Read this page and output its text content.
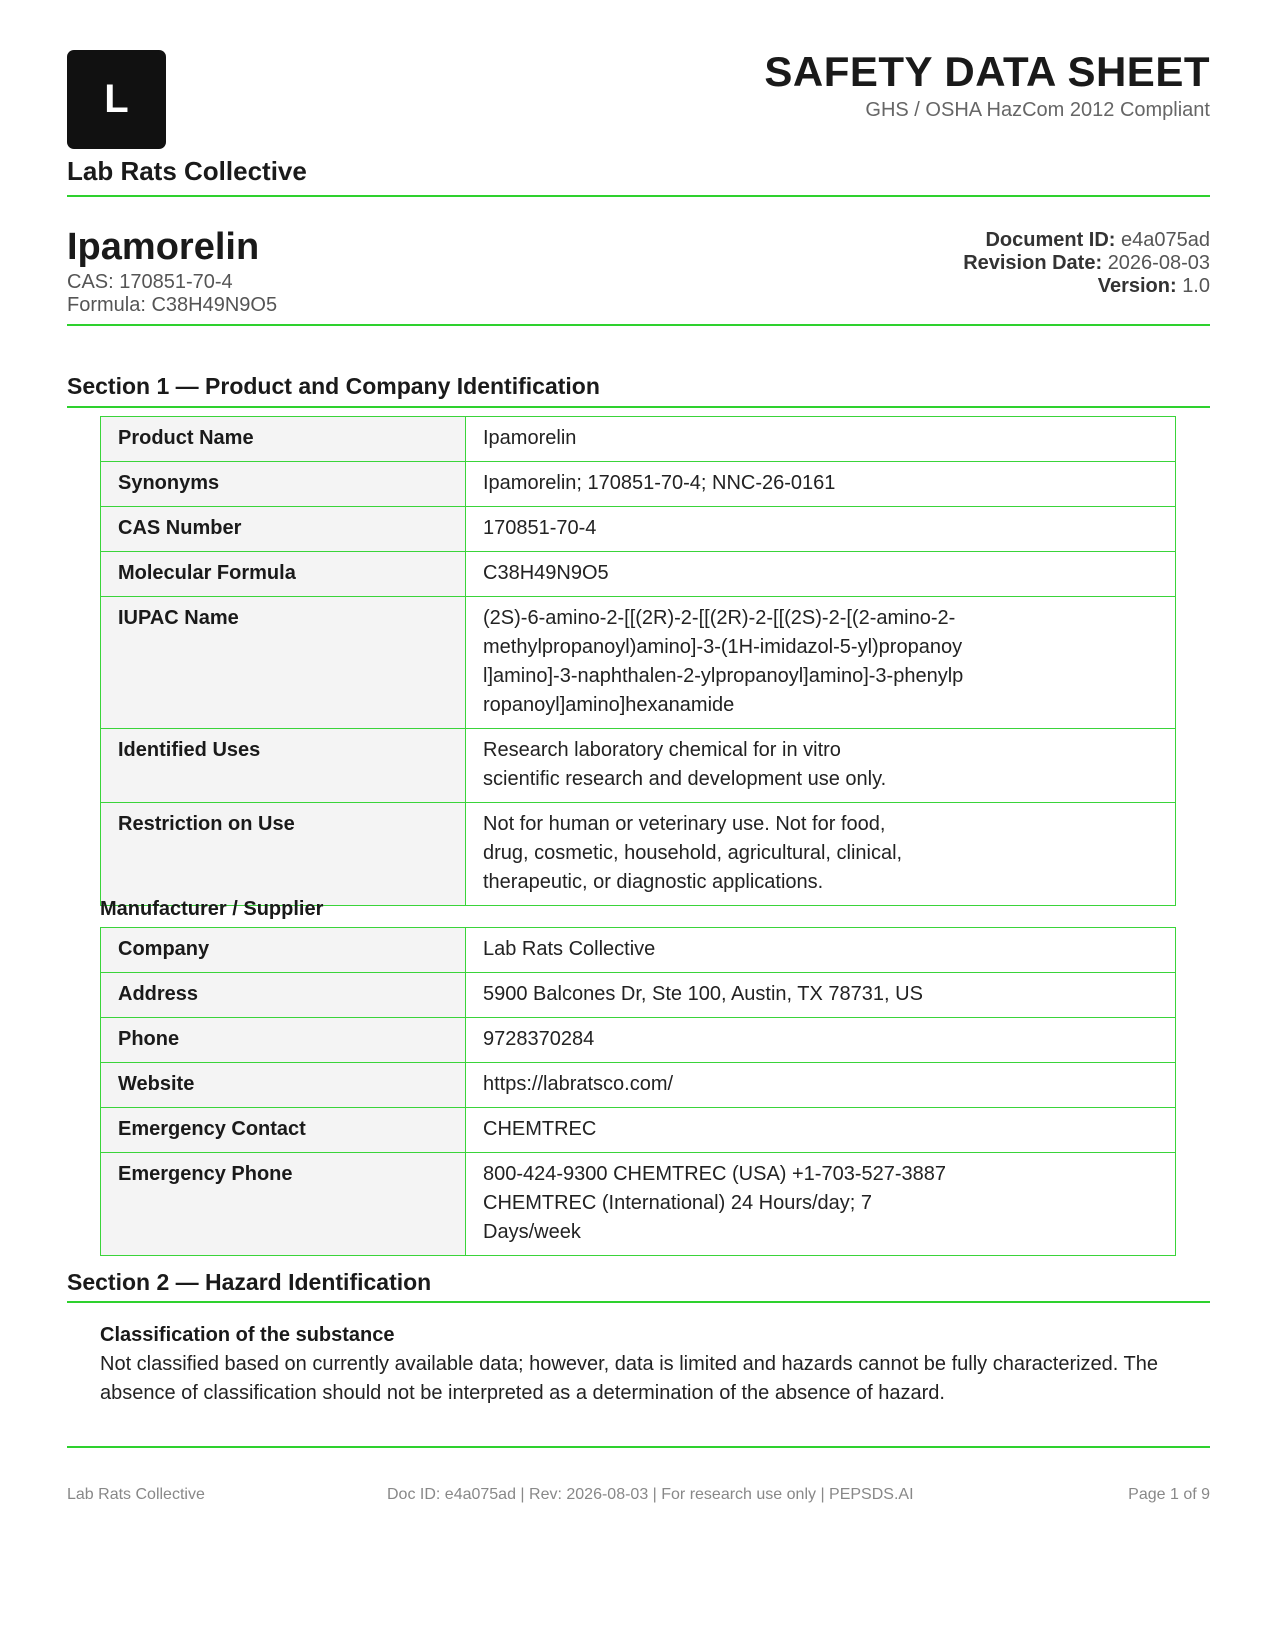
L
Lab Rats Collective
SAFETY DATA SHEET
GHS / OSHA HazCom 2012 Compliant
Ipamorelin
CAS: 170851-70-4
Formula: C38H49N9O5
Document ID: e4a075ad
Revision Date: 2026-08-03
Version: 1.0
Section 1 — Product and Company Identification
Product Name	Ipamorelin
Synonyms	Ipamorelin; 170851-70-4; NNC-26-0161
CAS Number	170851-70-4
Molecular Formula	C38H49N9O5
IUPAC Name	(2S)-6-amino-2-[[(2R)-2-[[(2R)-2-[[(2S)-2-[(2-amino-2-methylpropanoyl)amino]-3-(1H-imidazol-5-yl)propanoyl]amino]-3-naphthalen-2-ylpropanoyl]amino]-3-phenylpropanoyl]amino]hexanamide
Identified Uses	Research laboratory chemical for in vitro scientific research and development use only.
Restriction on Use	Not for human or veterinary use. Not for food, drug, cosmetic, household, agricultural, clinical, therapeutic, or diagnostic applications.
Manufacturer / Supplier
Company	Lab Rats Collective
Address	5900 Balcones Dr, Ste 100, Austin, TX 78731, US
Phone	9728370284
Website	https://labratsco.com/
Emergency Contact	CHEMTREC
Emergency Phone	800-424-9300 CHEMTREC (USA) +1-703-527-3887 CHEMTREC (International) 24 Hours/day; 7 Days/week
Section 2 — Hazard Identification
Classification of the substance
Not classified based on currently available data; however, data is limited and hazards cannot be fully characterized. The absence of classification should not be interpreted as a determination of the absence of hazard.
Lab Rats Collective	Doc ID: e4a075ad | Rev: 2026-08-03 | For research use only | PEPSDS.AI	Page 1 of 9
